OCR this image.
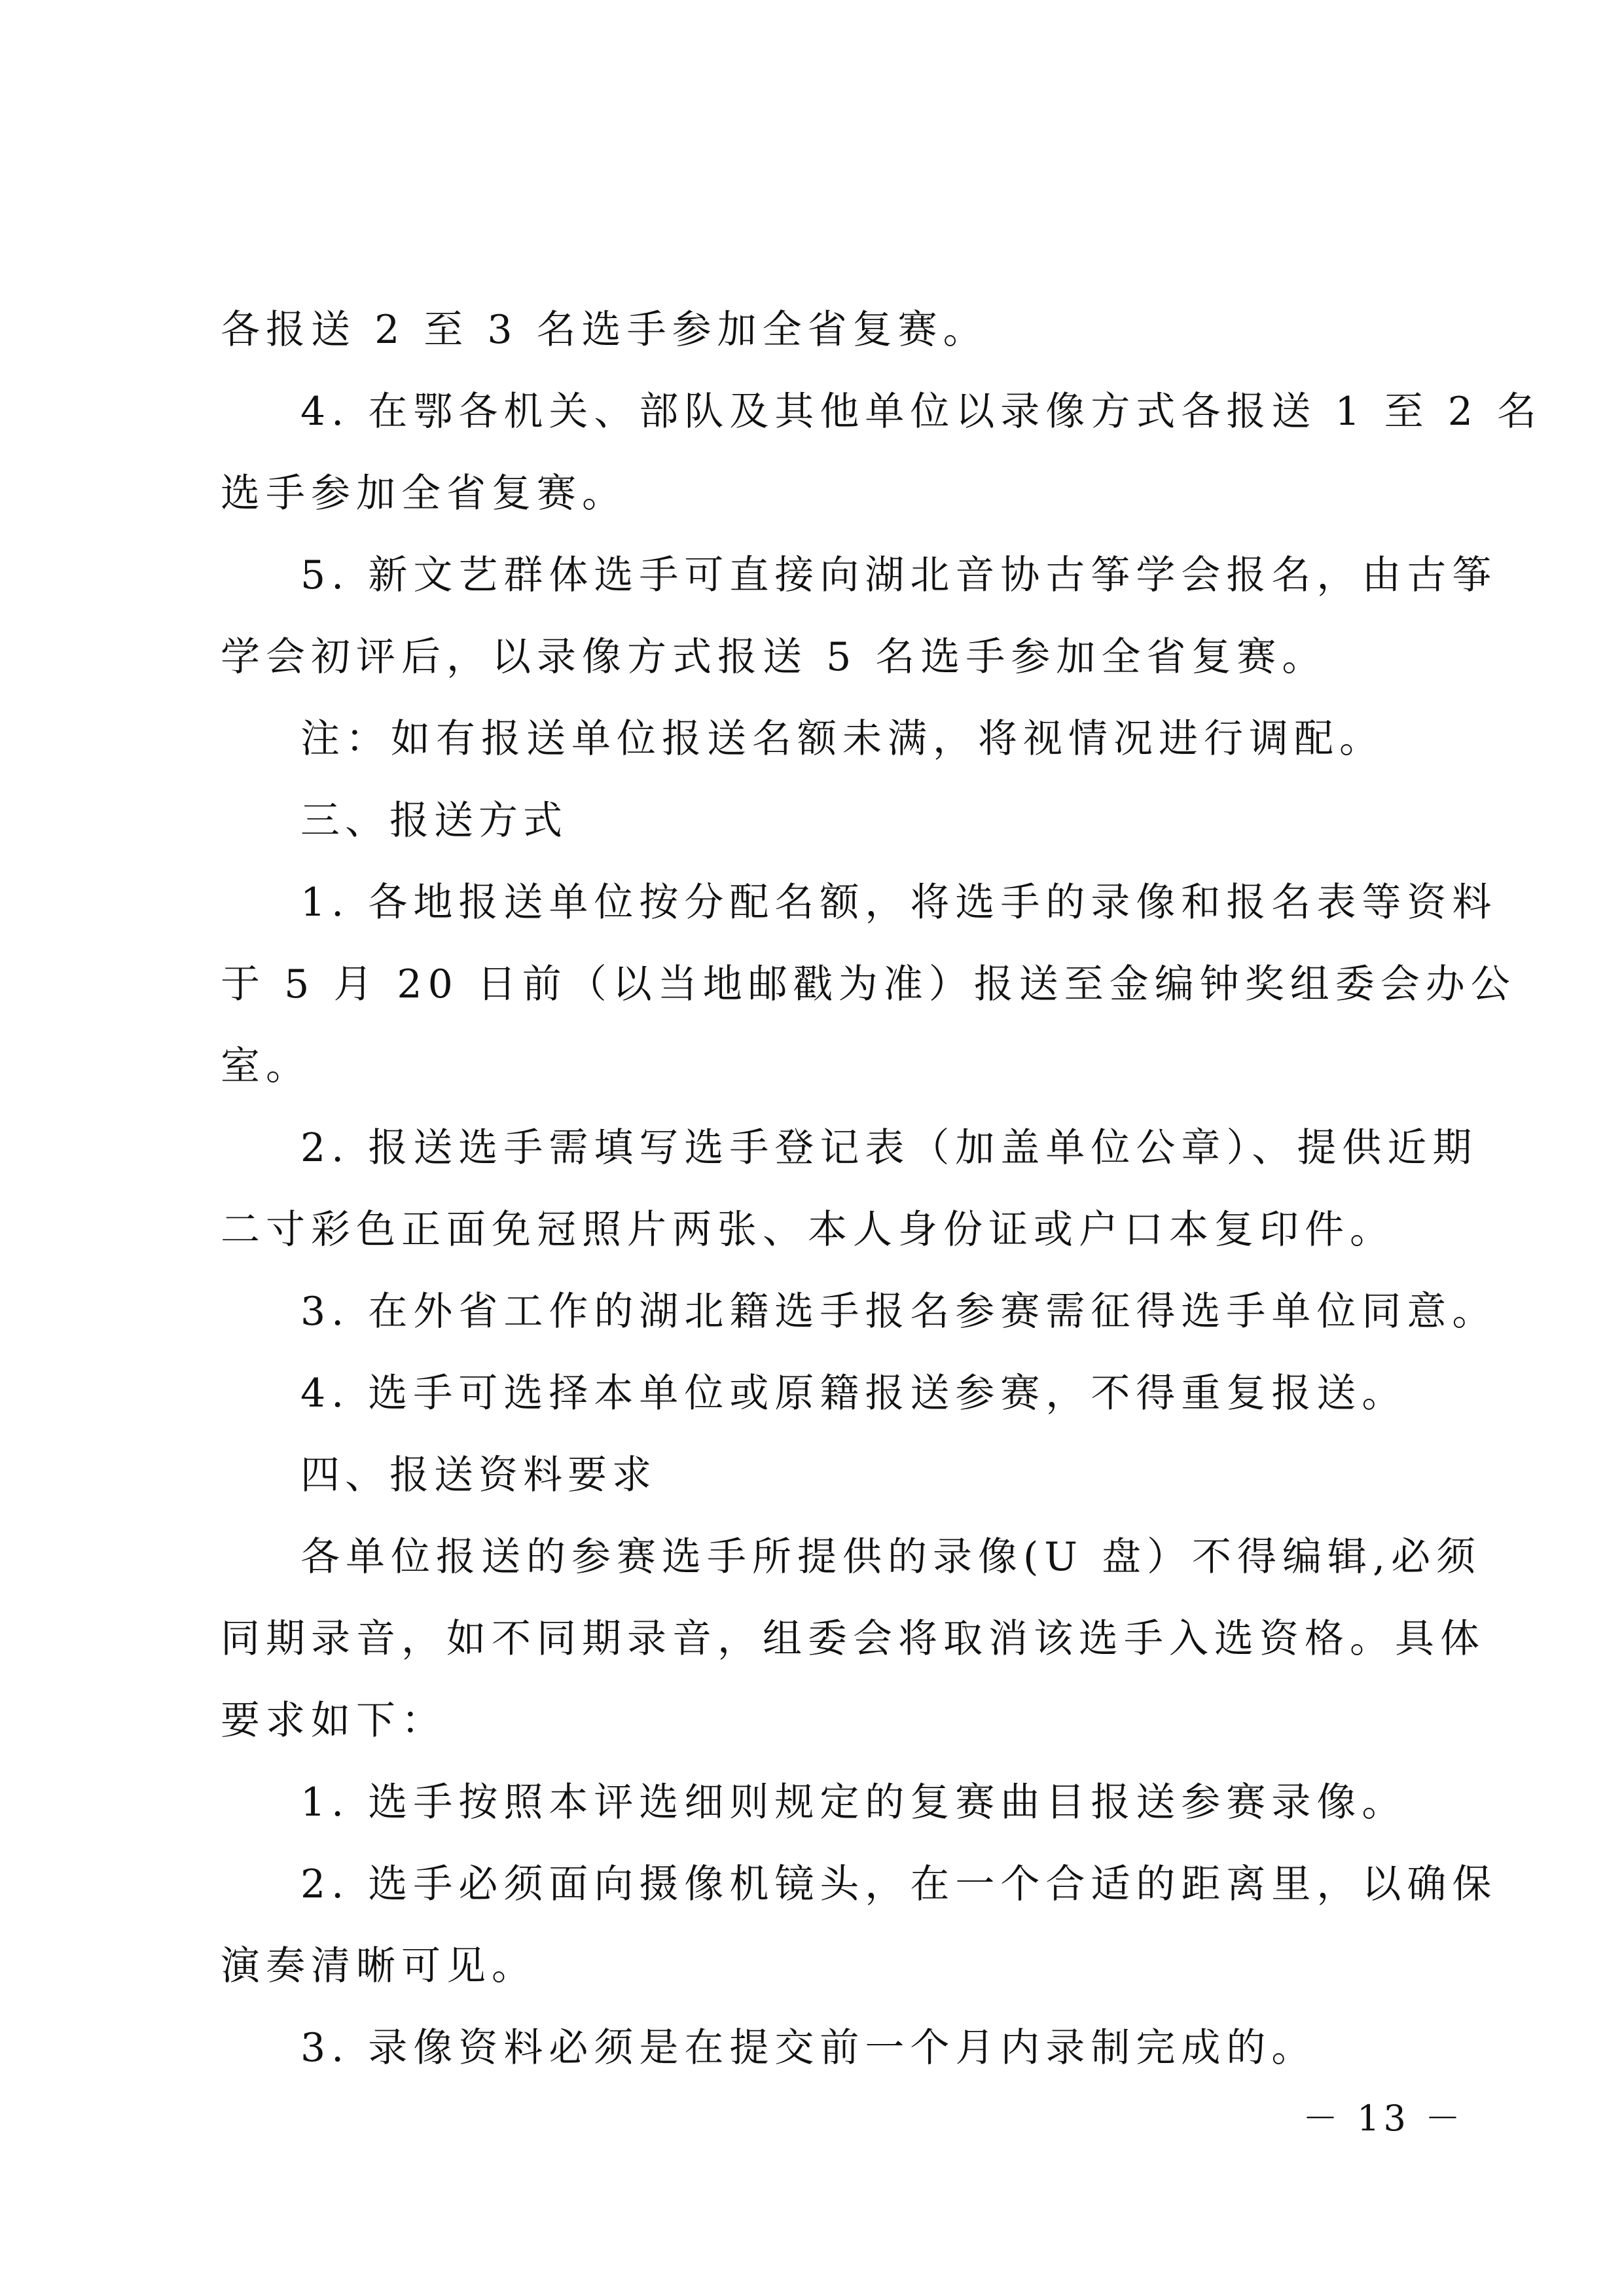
各报送 2 至 3 名选手参加全省复赛。
4. 在鄂各机关、部队及其他单位以录像方式各报送 1 至 2 名
选手参加全省复赛。
5. 新文艺群体选手可直接向湖北音协古筝学会报名，由古筝
学会初评后，以录像方式报送 5 名选手参加全省复赛。
注：如有报送单位报送名额未满，将视情况进行调配。
三、报送方式
1. 各地报送单位按分配名额，将选手的录像和报名表等资料
于 5 月 20 日前（以当地邮戳为准）报送至金编钟奖组委会办公
室。
2. 报送选手需填写选手登记表（加盖单位公章）、提供近期
二寸彩色正面免冠照片两张、本人身份证或户口本复印件。
3. 在外省工作的湖北籍选手报名参赛需征得选手单位同意。
4. 选手可选择本单位或原籍报送参赛，不得重复报送。
四、报送资料要求
各单位报送的参赛选手所提供的录像(U 盘）不得编辑,必须
同期录音，如不同期录音，组委会将取消该选手入选资格。具体
要求如下：
1. 选手按照本评选细则规定的复赛曲目报送参赛录像。
2. 选手必须面向摄像机镜头，在一个合适的距离里，以确保
演奏清晰可见。
3. 录像资料必须是在提交前一个月内录制完成的。
－ 13 －
